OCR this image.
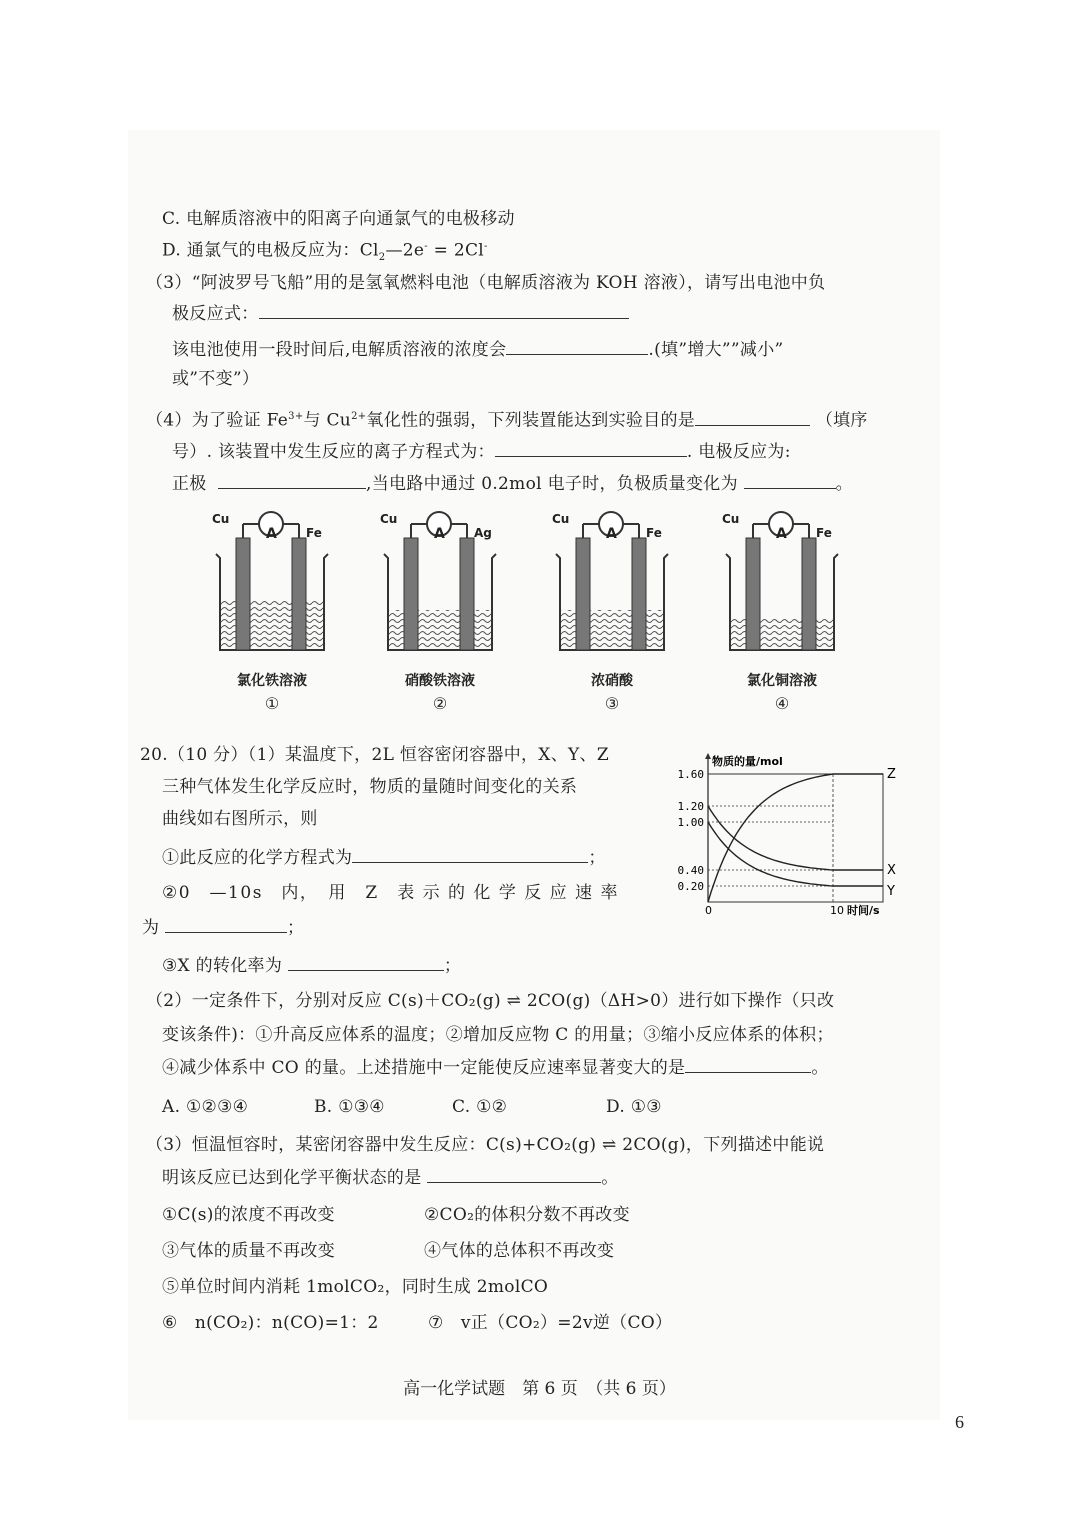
C. 电解质溶液中的阳离子向通氯气的电极移动
D. 通氯气的电极反应为：$Cl_2—2e^- = 2Cl^-$
（3）“阿波罗号飞船”用的是氢氧燃料电池（电解质溶液为 KOH 溶液），请写出电池中负
极反应式：
该电池使用一段时间后,电解质溶液的浓度会	.(填”增大””减小”
或”不变”）
（4）为了验证 $Fe^{3+}$与 $Cu^{2+}$氧化性的强弱，下列装置能达到实验目的是	（填序
号）. 该装置中发生反应的离子方程式为：	. 电极反应为:
正极	,当电路中通过 0.2mol 电子时，负极质量变化为	。
A
Cu
Fe
氯化铁溶液
①
A
Cu
Ag
硝酸铁溶液
②
A
Cu
Fe
浓硝酸
③
A
Cu
Fe
氯化铜溶液
④
20.（10 分）（1）某温度下，2L 恒容密闭容器中，X、Y、Z
三种气体发生化学反应时，物质的量随时间变化的关系
曲线如右图所示，则
①此反应的化学方程式为	；
②0　—10s　内，　用　Z　表 示 的 化 学 反 应 速 率
为	；
③X 的转化率为	；
（2）一定条件下，分别对反应 C(s)＋CO₂(g) ⇌ 2CO(g)（ΔH>0）进行如下操作（只改
变该条件)：①升高反应体系的温度；②增加反应物 C 的用量；③缩小反应体系的体积；
④减少体系中 CO 的量。上述措施中一定能使反应速率显著变大的是	。
A. ①②③④	B. ①③④	C. ①②	D. ①③
（3）恒温恒容时，某密闭容器中发生反应：C(s)+CO₂(g) ⇌ 2CO(g)，下列描述中能说
明该反应已达到化学平衡状态的是	。
①C(s)的浓度不再改变	②CO₂的体积分数不再改变
③气体的质量不再改变	④气体的总体积不再改变
⑤单位时间内消耗 1molCO₂，同时生成 2molCO
⑥　n(CO₂)：n(CO)=1：2	⑦　v正（CO₂）=2v逆（CO）
物质的量/mol
1.60
1.20
1.00
0.40
0.20
0	10 时间/s
Z
X
Y
高一化学试题　第 6 页　（共 6 页）
6
